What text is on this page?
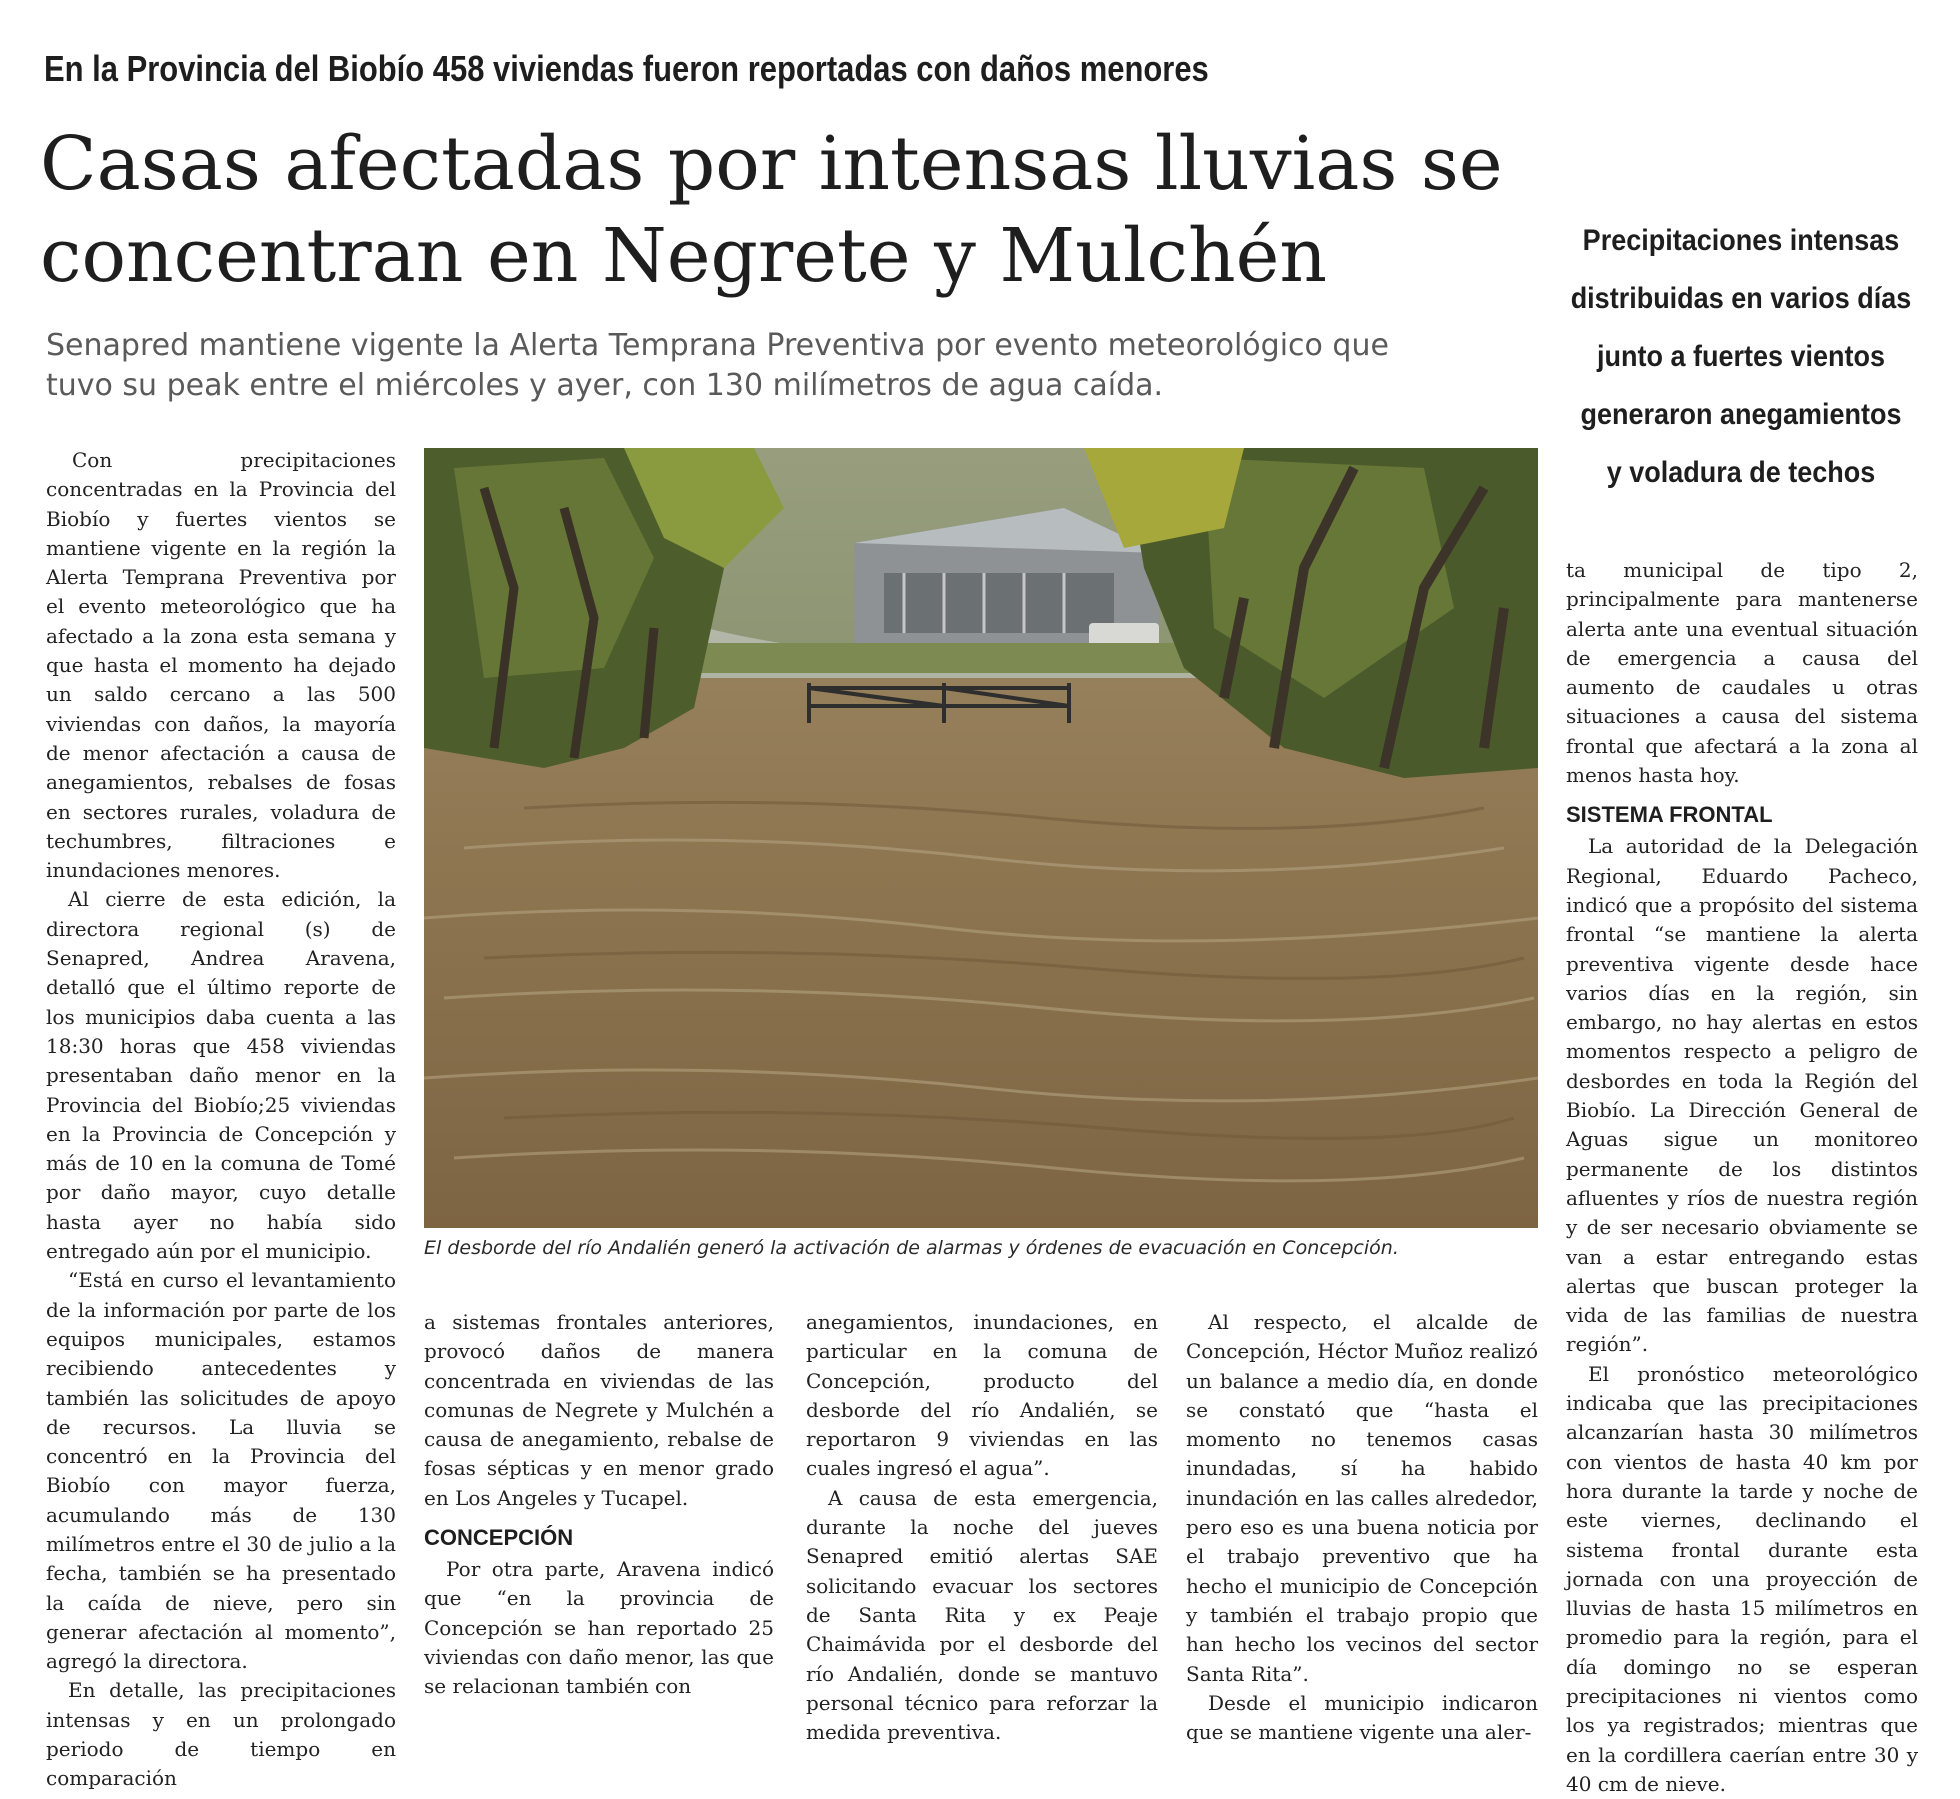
En la Provincia del Biobío 458 viviendas fueron reportadas con daños menores
Casas afectadas por intensas lluvias se
concentran en Negrete y Mulchén
Senapred mantiene vigente la Alerta Temprana Preventiva por evento meteorológico que
tuvo su peak entre el miércoles y ayer, con 130 milímetros de agua caída.
Precipitaciones intensas
distribuidas en varios días
junto a fuertes vientos
generaron anegamientos
y voladura de techos

Con precipitaciones concentradas en la Provincia del Biobío y fuertes vientos se mantiene vigente en la región la Alerta Temprana Preventiva por el evento meteorológico que ha afectado a la zona esta semana y que hasta el momento ha dejado un saldo cercano a las 500 viviendas con daños, la mayoría de menor afectación a causa de anegamientos, rebalses de fosas en sectores rurales, voladura de techumbres, filtraciones e inundaciones menores.

Al cierre de esta edición, la directora regional (s) de Senapred, Andrea Aravena, detalló que el último reporte de los municipios daba cuenta a las 18:30 horas que 458 viviendas presentaban daño menor en la Provincia del Biobío;25 viviendas en la Provincia de Concepción y más de 10 en la comuna de Tomé por daño mayor, cuyo detalle hasta ayer no había sido entregado aún por el municipio.

“Está en curso el levantamiento de la información por parte de los equipos municipales, estamos recibiendo antecedentes y también las solicitudes de apoyo de recursos. La lluvia se concentró en la Provincia del Biobío con mayor fuerza, acumulando más de 130 milímetros entre el 30 de julio a la fecha, también se ha presentado la caída de nieve, pero sin generar afectación al momento”, agregó la directora.

En detalle, las precipitaciones intensas y en un prolongado periodo de tiempo en comparación

El desborde del río Andalién generó la activación de alarmas y órdenes de evacuación en Concepción.

a sistemas frontales anteriores, provocó daños de manera concentrada en viviendas de las comunas de Negrete y Mulchén a causa de anegamiento, rebalse de fosas sépticas y en menor grado en Los Angeles y Tucapel.

CONCEPCIÓN

Por otra parte, Aravena indicó que “en la provincia de Concepción se han reportado 25 viviendas con daño menor, las que se relacionan también con

anegamientos, inundaciones, en particular en la comuna de Concepción, producto del desborde del río Andalién, se reportaron 9 viviendas en las cuales ingresó el agua”.

A causa de esta emergencia, durante la noche del jueves Senapred emitió alertas SAE solicitando evacuar los sectores de Santa Rita y ex Peaje Chaimávida por el desborde del río Andalién, donde se mantuvo personal técnico para reforzar la medida preventiva.

Al respecto, el alcalde de Concepción, Héctor Muñoz realizó un balance a medio día, en donde se constató que “hasta el momento no tenemos casas inundadas, sí ha habido inundación en las calles alrededor, pero eso es una buena noticia por el trabajo preventivo que ha hecho el municipio de Concepción y también el trabajo propio que han hecho los vecinos del sector Santa Rita”.

Desde el municipio indicaron que se mantiene vigente una aler-

ta municipal de tipo 2, principalmente para mantenerse alerta ante una eventual situación de emergencia a causa del aumento de caudales u otras situaciones a causa del sistema frontal que afectará a la zona al menos hasta hoy.

SISTEMA FRONTAL

La autoridad de la Delegación Regional, Eduardo Pacheco, indicó que a propósito del sistema frontal “se mantiene la alerta preventiva vigente desde hace varios días en la región, sin embargo, no hay alertas en estos momentos respecto a peligro de desbordes en toda la Región del Biobío. La Dirección General de Aguas sigue un monitoreo permanente de los distintos afluentes y ríos de nuestra región y de ser necesario obviamente se van a estar entregando estas alertas que buscan proteger la vida de las familias de nuestra región”.

El pronóstico meteorológico indicaba que las precipitaciones alcanzarían hasta 30 milímetros con vientos de hasta 40 km por hora durante la tarde y noche de este viernes, declinando el sistema frontal durante esta jornada con una proyección de lluvias de hasta 15 milímetros en promedio para la región, para el día domingo no se esperan precipitaciones ni vientos como los ya registrados; mientras que en la cordillera caerían entre 30 y 40 cm de nieve.
